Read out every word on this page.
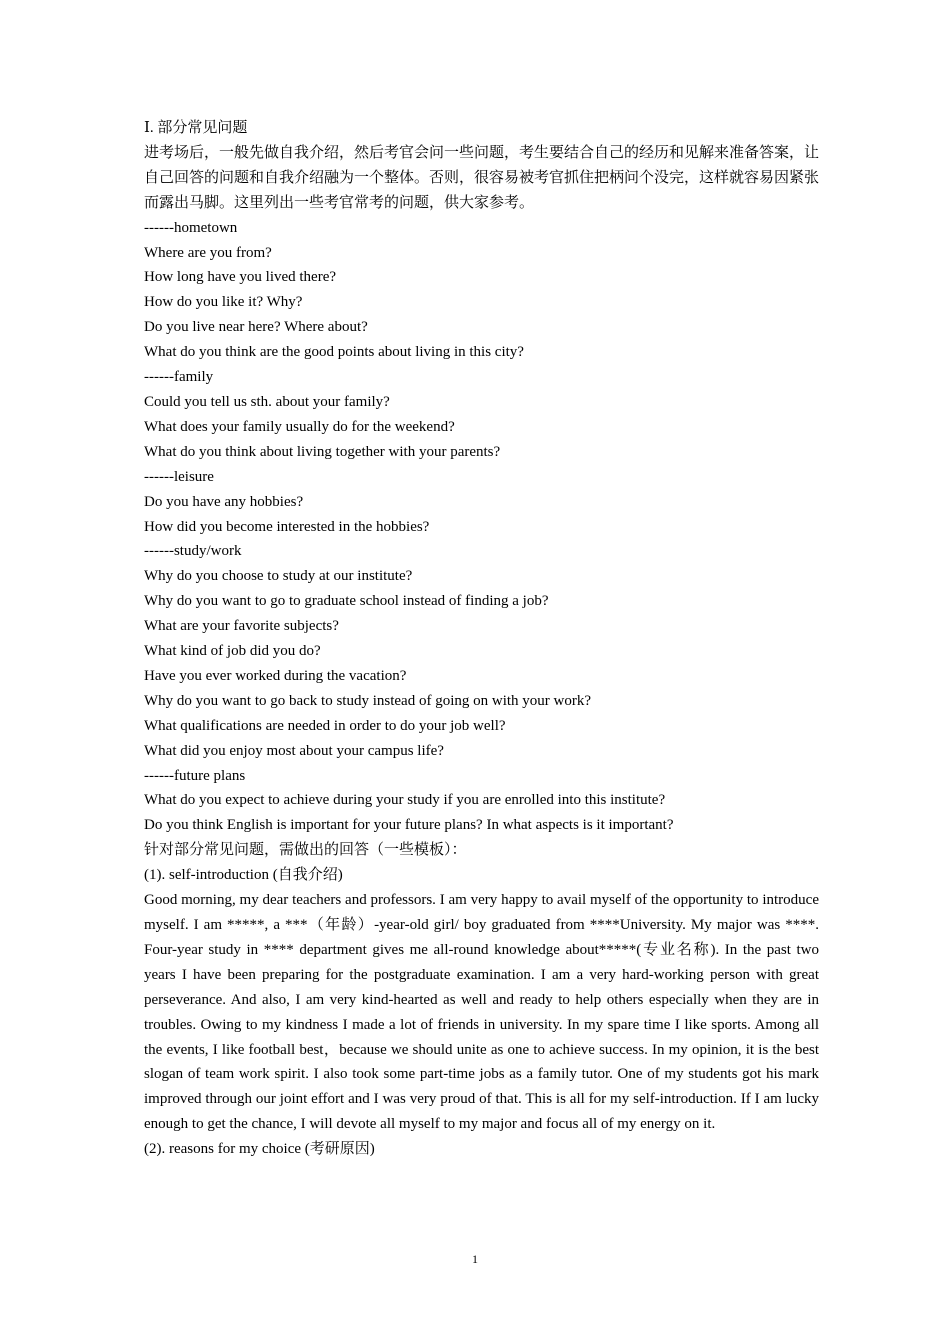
Ⅰ. 部分常见问题

进考场后，一般先做自我介绍，然后考官会问一些问题，考生要结合自己的经历和见解来准备答案，让自己回答的问题和自我介绍融为一个整体。否则，很容易被考官抓住把柄问个没完，这样就容易因紧张而露出马脚。这里列出一些考官常考的问题，供大家参考。

------hometown
Where are you from?
How long have you lived there?
How do you like it? Why?
Do you live near here? Where about?
What do you think are the good points about living in this city?
------family
Could you tell us sth. about your family?
What does your family usually do for the weekend?
What do you think about living together with your parents?
------leisure
Do you have any hobbies?
How did you become interested in the hobbies?
------study/work
Why do you choose to study at our institute?
Why do you want to go to graduate school instead of finding a job?
What are your favorite subjects?
What kind of job did you do?
Have you ever worked during the vacation?
Why do you want to go back to study instead of going on with your work?
What qualifications are needed in order to do your job well?
What did you enjoy most about your campus life?
------future plans
What do you expect to achieve during your study if you are enrolled into this institute?
Do you think English is important for your future plans? In what aspects is it important?
针对部分常见问题，需做出的回答（一些模板）：
(1). self-introduction (自我介绍)

Good morning, my dear teachers and professors. I am very happy to avail myself of the opportunity to introduce myself. I am *****, a ***（年龄）-year-old girl/ boy graduated from ****University. My major was ****. Four-year study in **** department gives me all-round knowledge about*****(专业名称). In the past two years I have been preparing for the postgraduate examination. I am a very hard-working person with great perseverance. And also, I am very kind-hearted as well and ready to help others especially when they are in troubles. Owing to my kindness I made a lot of friends in university. In my spare time I like sports. Among all the events, I like football best，because we should unite as one to achieve success. In my opinion, it is the best slogan of team work spirit. I also took some part-time jobs as a family tutor. One of my students got his mark improved through our joint effort and I was very proud of that. This is all for my self-introduction. If I am lucky enough to get the chance, I will devote all myself to my major and focus all of my energy on it.

(2). reasons for my choice (考研原因)
1
